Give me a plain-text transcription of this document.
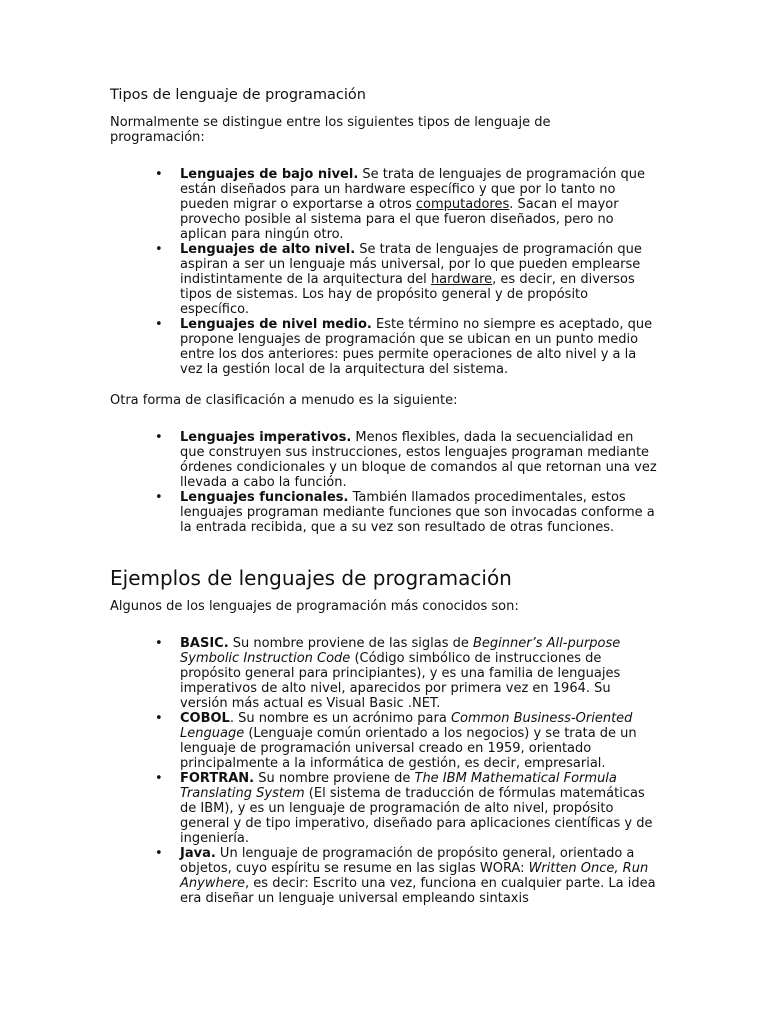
Tipos de lenguaje de programación

Normalmente se distingue entre los siguientes tipos de lenguaje de programación:

• Lenguajes de bajo nivel. Se trata de lenguajes de programación que están diseñados para un hardware específico y que por lo tanto no pueden migrar o exportarse a otros computadores. Sacan el mayor provecho posible al sistema para el que fueron diseñados, pero no aplican para ningún otro.
• Lenguajes de alto nivel. Se trata de lenguajes de programación que aspiran a ser un lenguaje más universal, por lo que pueden emplearse indistintamente de la arquitectura del hardware, es decir, en diversos tipos de sistemas. Los hay de propósito general y de propósito específico.
• Lenguajes de nivel medio. Este término no siempre es aceptado, que propone lenguajes de programación que se ubican en un punto medio entre los dos anteriores: pues permite operaciones de alto nivel y a la vez la gestión local de la arquitectura del sistema.

Otra forma de clasificación a menudo es la siguiente:

• Lenguajes imperativos. Menos flexibles, dada la secuencialidad en que construyen sus instrucciones, estos lenguajes programan mediante órdenes condicionales y un bloque de comandos al que retornan una vez llevada a cabo la función.
• Lenguajes funcionales. También llamados procedimentales, estos lenguajes programan mediante funciones que son invocadas conforme a la entrada recibida, que a su vez son resultado de otras funciones.
Ejemplos de lenguajes de programación

Algunos de los lenguajes de programación más conocidos son:

• BASIC. Su nombre proviene de las siglas de Beginner’s All-purpose Symbolic Instruction Code (Código simbólico de instrucciones de propósito general para principiantes), y es una familia de lenguajes imperativos de alto nivel, aparecidos por primera vez en 1964. Su versión más actual es Visual Basic .NET.
• COBOL. Su nombre es un acrónimo para Common Business-Oriented Lenguage (Lenguaje común orientado a los negocios) y se trata de un lenguaje de programación universal creado en 1959, orientado principalmente a la informática de gestión, es decir, empresarial.
• FORTRAN. Su nombre proviene de The IBM Mathematical Formula Translating System (El sistema de traducción de fórmulas matemáticas de IBM), y es un lenguaje de programación de alto nivel, propósito general y de tipo imperativo, diseñado para aplicaciones científicas y de ingeniería.
• Java. Un lenguaje de programación de propósito general, orientado a objetos, cuyo espíritu se resume en las siglas WORA: Written Once, Run Anywhere, es decir: Escrito una vez, funciona en cualquier parte. La idea era diseñar un lenguaje universal empleando sintaxis
